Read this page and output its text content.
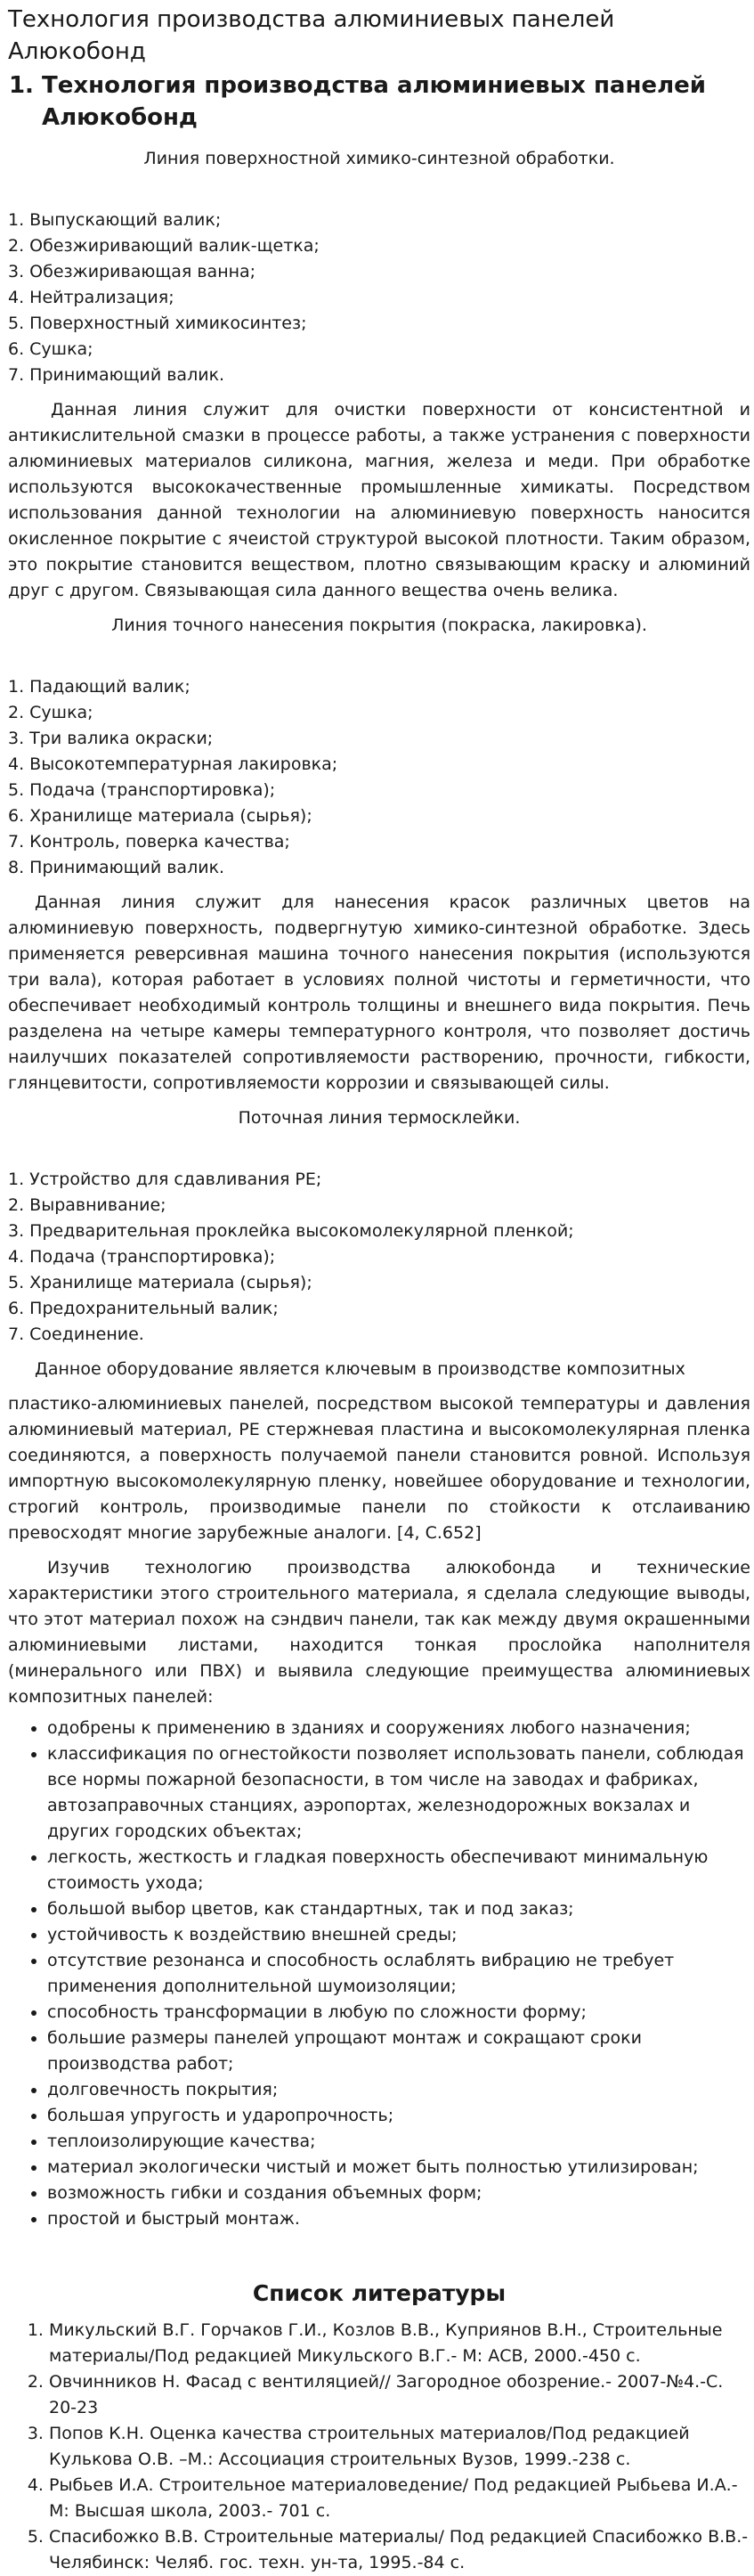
Технология производства алюминиевых панелей Алюкобонд
1. Технология производства алюминиевых панелей Алюкобонд

Линия поверхностной химико-синтезной обработки.

1. Выпускающий валик;
2. Обезжиривающий валик-щетка;
3. Обезжиривающая ванна;
4. Нейтрализация;
5. Поверхностный химикосинтез;
6. Сушка;
7. Принимающий валик.

Данная линия служит для очистки поверхности от консистентной и антикислительной смазки в процессе работы, а также устранения с поверхности алюминиевых материалов силикона, магния, железа и меди. При обработке используются высококачественные промышленные химикаты. Посредством использования данной технологии на алюминиевую поверхность наносится окисленное покрытие с ячеистой структурой высокой плотности. Таким образом, это покрытие становится веществом, плотно связывающим краску и алюминий друг с другом. Связывающая сила данного вещества очень велика.

Линия точного нанесения покрытия (покраска, лакировка).

1. Падающий валик;
2. Сушка;
3. Три валика окраски;
4. Высокотемпературная лакировка;
5. Подача (транспортировка);
6. Хранилище материала (сырья);
7. Контроль, поверка качества;
8. Принимающий валик.

Данная линия служит для нанесения красок различных цветов на алюминиевую поверхность, подвергнутую химико-синтезной обработке. Здесь применяется реверсивная машина точного нанесения покрытия (используются три вала), которая работает в условиях полной чистоты и герметичности, что обеспечивает необходимый контроль толщины и внешнего вида покрытия. Печь разделена на четыре камеры температурного контроля, что позволяет достичь наилучших показателей сопротивляемости растворению, прочности, гибкости, глянцевитости, сопротивляемости коррозии и связывающей силы.

Поточная линия термосклейки.

1. Устройство для сдавливания PE;
2. Выравнивание;
3. Предварительная проклейка высокомолекулярной пленкой;
4. Подача (транспортировка);
5. Хранилище материала (сырья);
6. Предохранительный валик;
7. Соединение.

Данное оборудование является ключевым в производстве композитных

пластико-алюминиевых панелей, посредством высокой температуры и давления алюминиевый материал, PE стержневая пластина и высокомолекулярная пленка соединяются, а поверхность получаемой панели становится ровной. Используя импортную высокомолекулярную пленку, новейшее оборудование и технологии, строгий контроль, производимые панели по стойкости к отслаиванию превосходят многие зарубежные аналоги. [4, С.652]

Изучив технологию производства алюкобонда и технические характеристики этого строительного материала, я сделала следующие выводы, что этот материал похож на сэндвич панели, так как между двумя окрашенными алюминиевыми листами, находится тонкая прослойка наполнителя (минерального или ПВХ) и выявила следующие преимущества алюминиевых композитных панелей:

• одобрены к применению в зданиях и сооружениях любого назначения;
• классификация по огнестойкости позволяет использовать панели, соблюдая все нормы пожарной безопасности, в том числе на заводах и фабриках, автозаправочных станциях, аэропортах, железнодорожных вокзалах и других городских объектах;
• легкость, жесткость и гладкая поверхность обеспечивают минимальную стоимость ухода;
• большой выбор цветов, как стандартных, так и под заказ;
• устойчивость к воздействию внешней среды;
• отсутствие резонанса и способность ослаблять вибрацию не требует применения дополнительной шумоизоляции;
• способность трансформации в любую по сложности форму;
• большие размеры панелей упрощают монтаж и сокращают сроки производства работ;
• долговечность покрытия;
• большая упругость и ударопрочность;
• теплоизолирующие качества;
• материал экологически чистый и может быть полностью утилизирован;
• возможность гибки и создания объемных форм;
• простой и быстрый монтаж.
Список литературы
1. Микульский В.Г. Горчаков Г.И., Козлов В.В., Куприянов В.Н., Строительные материалы/Под редакцией Микульского В.Г.- М: АСВ, 2000.-450 с.
2. Овчинников Н. Фасад с вентиляцией// Загородное обозрение.- 2007-№4.-С. 20-23
3. Попов К.Н. Оценка качества строительных материалов/Под редакцией Кулькова О.В. –М.: Ассоциация строительных Вузов, 1999.-238 с.
4. Рыбьев И.А. Строительное материаловедение/ Под редакцией Рыбьева И.А.- М: Высшая школа, 2003.- 701 с.
5. Спасибожко В.В. Строительные материалы/ Под редакцией Спасибожко В.В.- Челябинск: Челяб. гос. техн. ун-та, 1995.-84 с.
